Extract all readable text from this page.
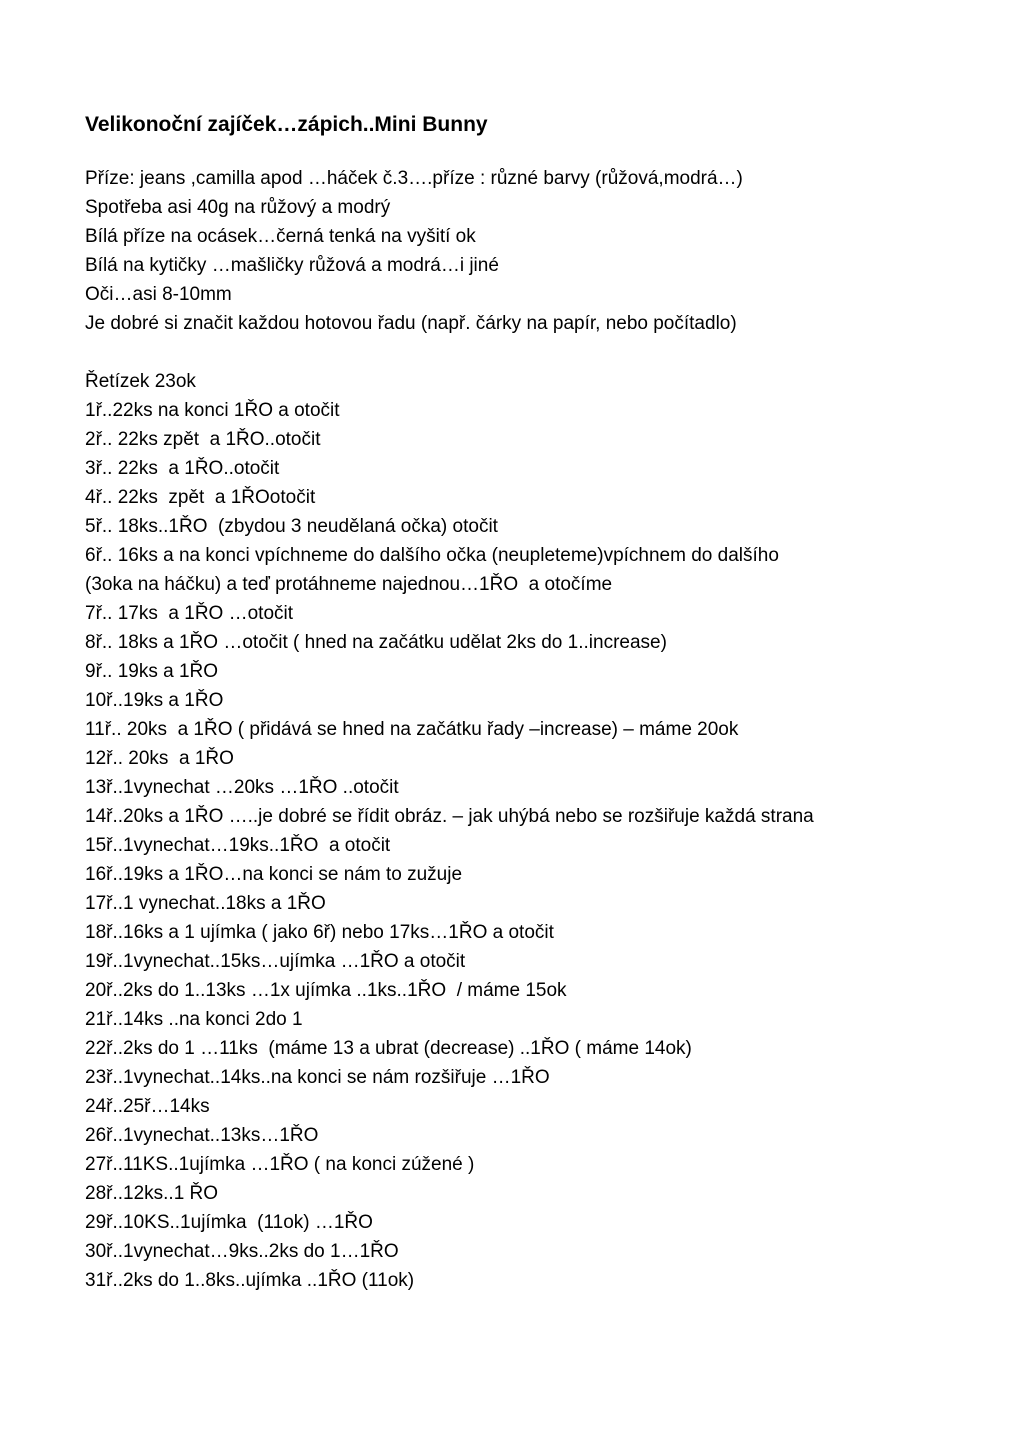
Velikonoční zajíček…zápich..Mini Bunny
Příze: jeans ,camilla apod …háček č.3….příze : různé barvy (růžová,modrá…)
Spotřeba asi 40g na růžový a modrý
Bílá příze na ocásek…černá tenká na vyšití ok
Bílá na kytičky …mašličky růžová a modrá…i jiné
Oči…asi 8-10mm
Je dobré si značit každou hotovou řadu (např. čárky na papír, nebo počítadlo)
Řetízek 23ok
1ř..22ks na konci 1ŘO a otočit
2ř.. 22ks zpět  a 1ŘO..otočit
3ř.. 22ks  a 1ŘO..otočit
4ř.. 22ks  zpět  a 1ŘOotočit
5ř.. 18ks..1ŘO  (zbydou 3 neudělaná očka) otočit
6ř.. 16ks a na konci vpíchneme do dalšího očka (neupleteme)vpíchnem do dalšího
(3oka na háčku) a teď protáhneme najednou…1ŘO  a otočíme
7ř.. 17ks  a 1ŘO …otočit
8ř.. 18ks a 1ŘO …otočit ( hned na začátku udělat 2ks do 1..increase)
9ř.. 19ks a 1ŘO
10ř..19ks a 1ŘO
11ř.. 20ks  a 1ŘO ( přidává se hned na začátku řady –increase) – máme 20ok
12ř.. 20ks  a 1ŘO
13ř..1vynechat …20ks …1ŘO ..otočit
14ř..20ks a 1ŘO …..je dobré se řídit obráz. – jak uhýbá nebo se rozšiřuje každá strana
15ř..1vynechat…19ks..1ŘO  a otočit
16ř..19ks a 1ŘO…na konci se nám to zužuje
17ř..1 vynechat..18ks a 1ŘO
18ř..16ks a 1 ujímka ( jako 6ř) nebo 17ks…1ŘO a otočit
19ř..1vynechat..15ks…ujímka …1ŘO a otočit
20ř..2ks do 1..13ks …1x ujímka ..1ks..1ŘO  / máme 15ok
21ř..14ks ..na konci 2do 1
22ř..2ks do 1 …11ks  (máme 13 a ubrat (decrease) ..1ŘO ( máme 14ok)
23ř..1vynechat..14ks..na konci se nám rozšiřuje …1ŘO
24ř..25ř…14ks
26ř..1vynechat..13ks…1ŘO
27ř..11KS..1ujímka …1ŘO ( na konci zúžené )
28ř..12ks..1 ŘO
29ř..10KS..1ujímka  (11ok) …1ŘO
30ř..1vynechat…9ks..2ks do 1…1ŘO
31ř..2ks do 1..8ks..ujímka ..1ŘO (11ok)
